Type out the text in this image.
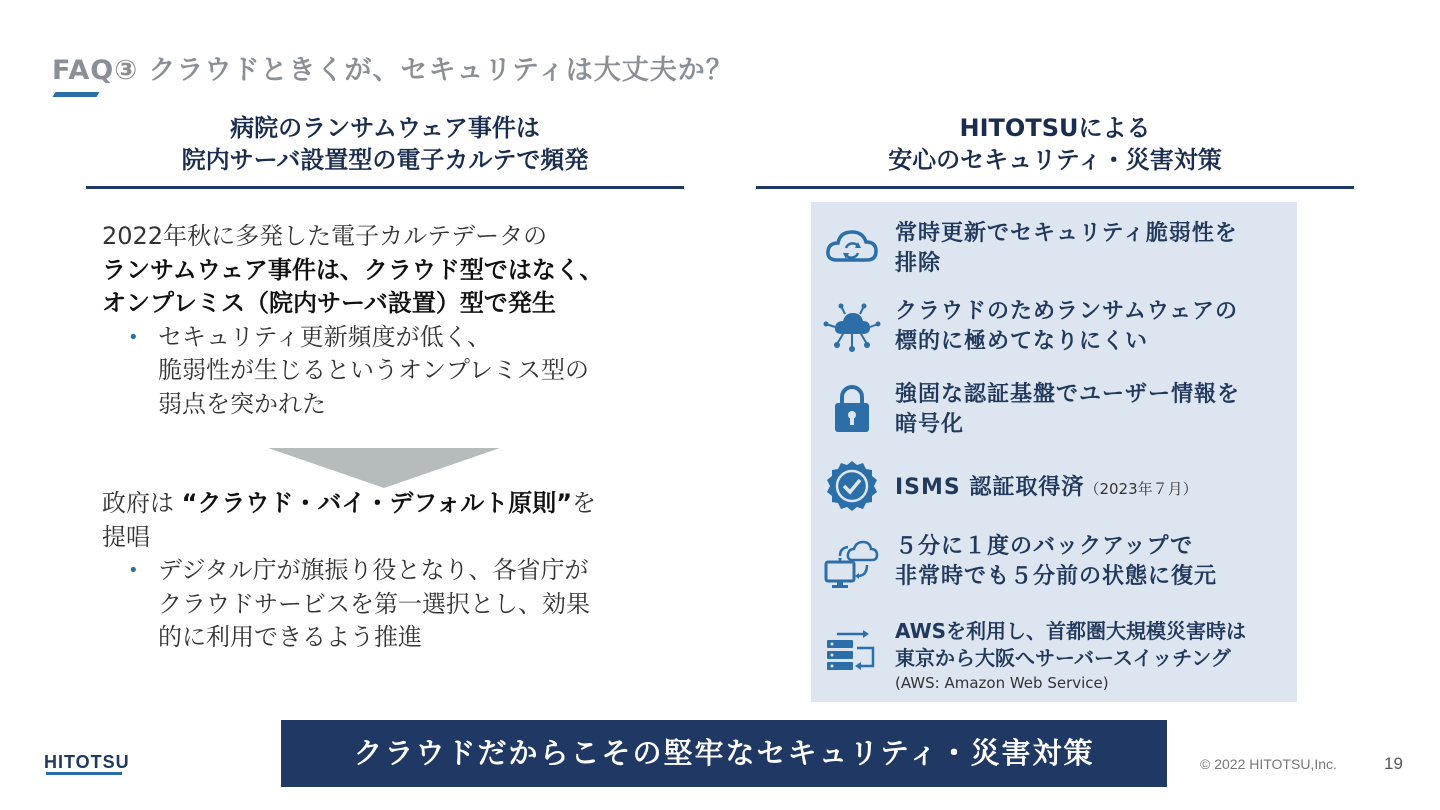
FAQ③ クラウドときくが、セキュリティは大丈夫か？
病院のランサムウェア事件は
院内サーバ設置型の電子カルテで頻発
HITOTSUによる
安心のセキュリティ・災害対策
2022年秋に多発した電子カルテデータの
ランサムウェア事件は、クラウド型ではなく、
オンプレミス（院内サーバ設置）型で発生
• セキュリティ更新頻度が低く、
脆弱性が生じるというオンプレミス型の
弱点を突かれた
政府は “クラウド・バイ・デフォルト原則”を
提唱
• デジタル庁が旗振り役となり、各省庁が
クラウドサービスを第一選択とし、効果
的に利用できるよう推進
常時更新でセキュリティ脆弱性を
排除
クラウドのためランサムウェアの
標的に極めてなりにくい
強固な認証基盤でユーザー情報を
暗号化
ISMS 認証取得済（2023年７月）
５分に１度のバックアップで
非常時でも５分前の状態に復元
AWSを利用し、首都圏大規模災害時は
東京から大阪へサーバースイッチング
(AWS: Amazon Web Service)
クラウドだからこその堅牢なセキュリティ・災害対策
HITOTSU	© 2022 HITOTSU,Inc.	19
